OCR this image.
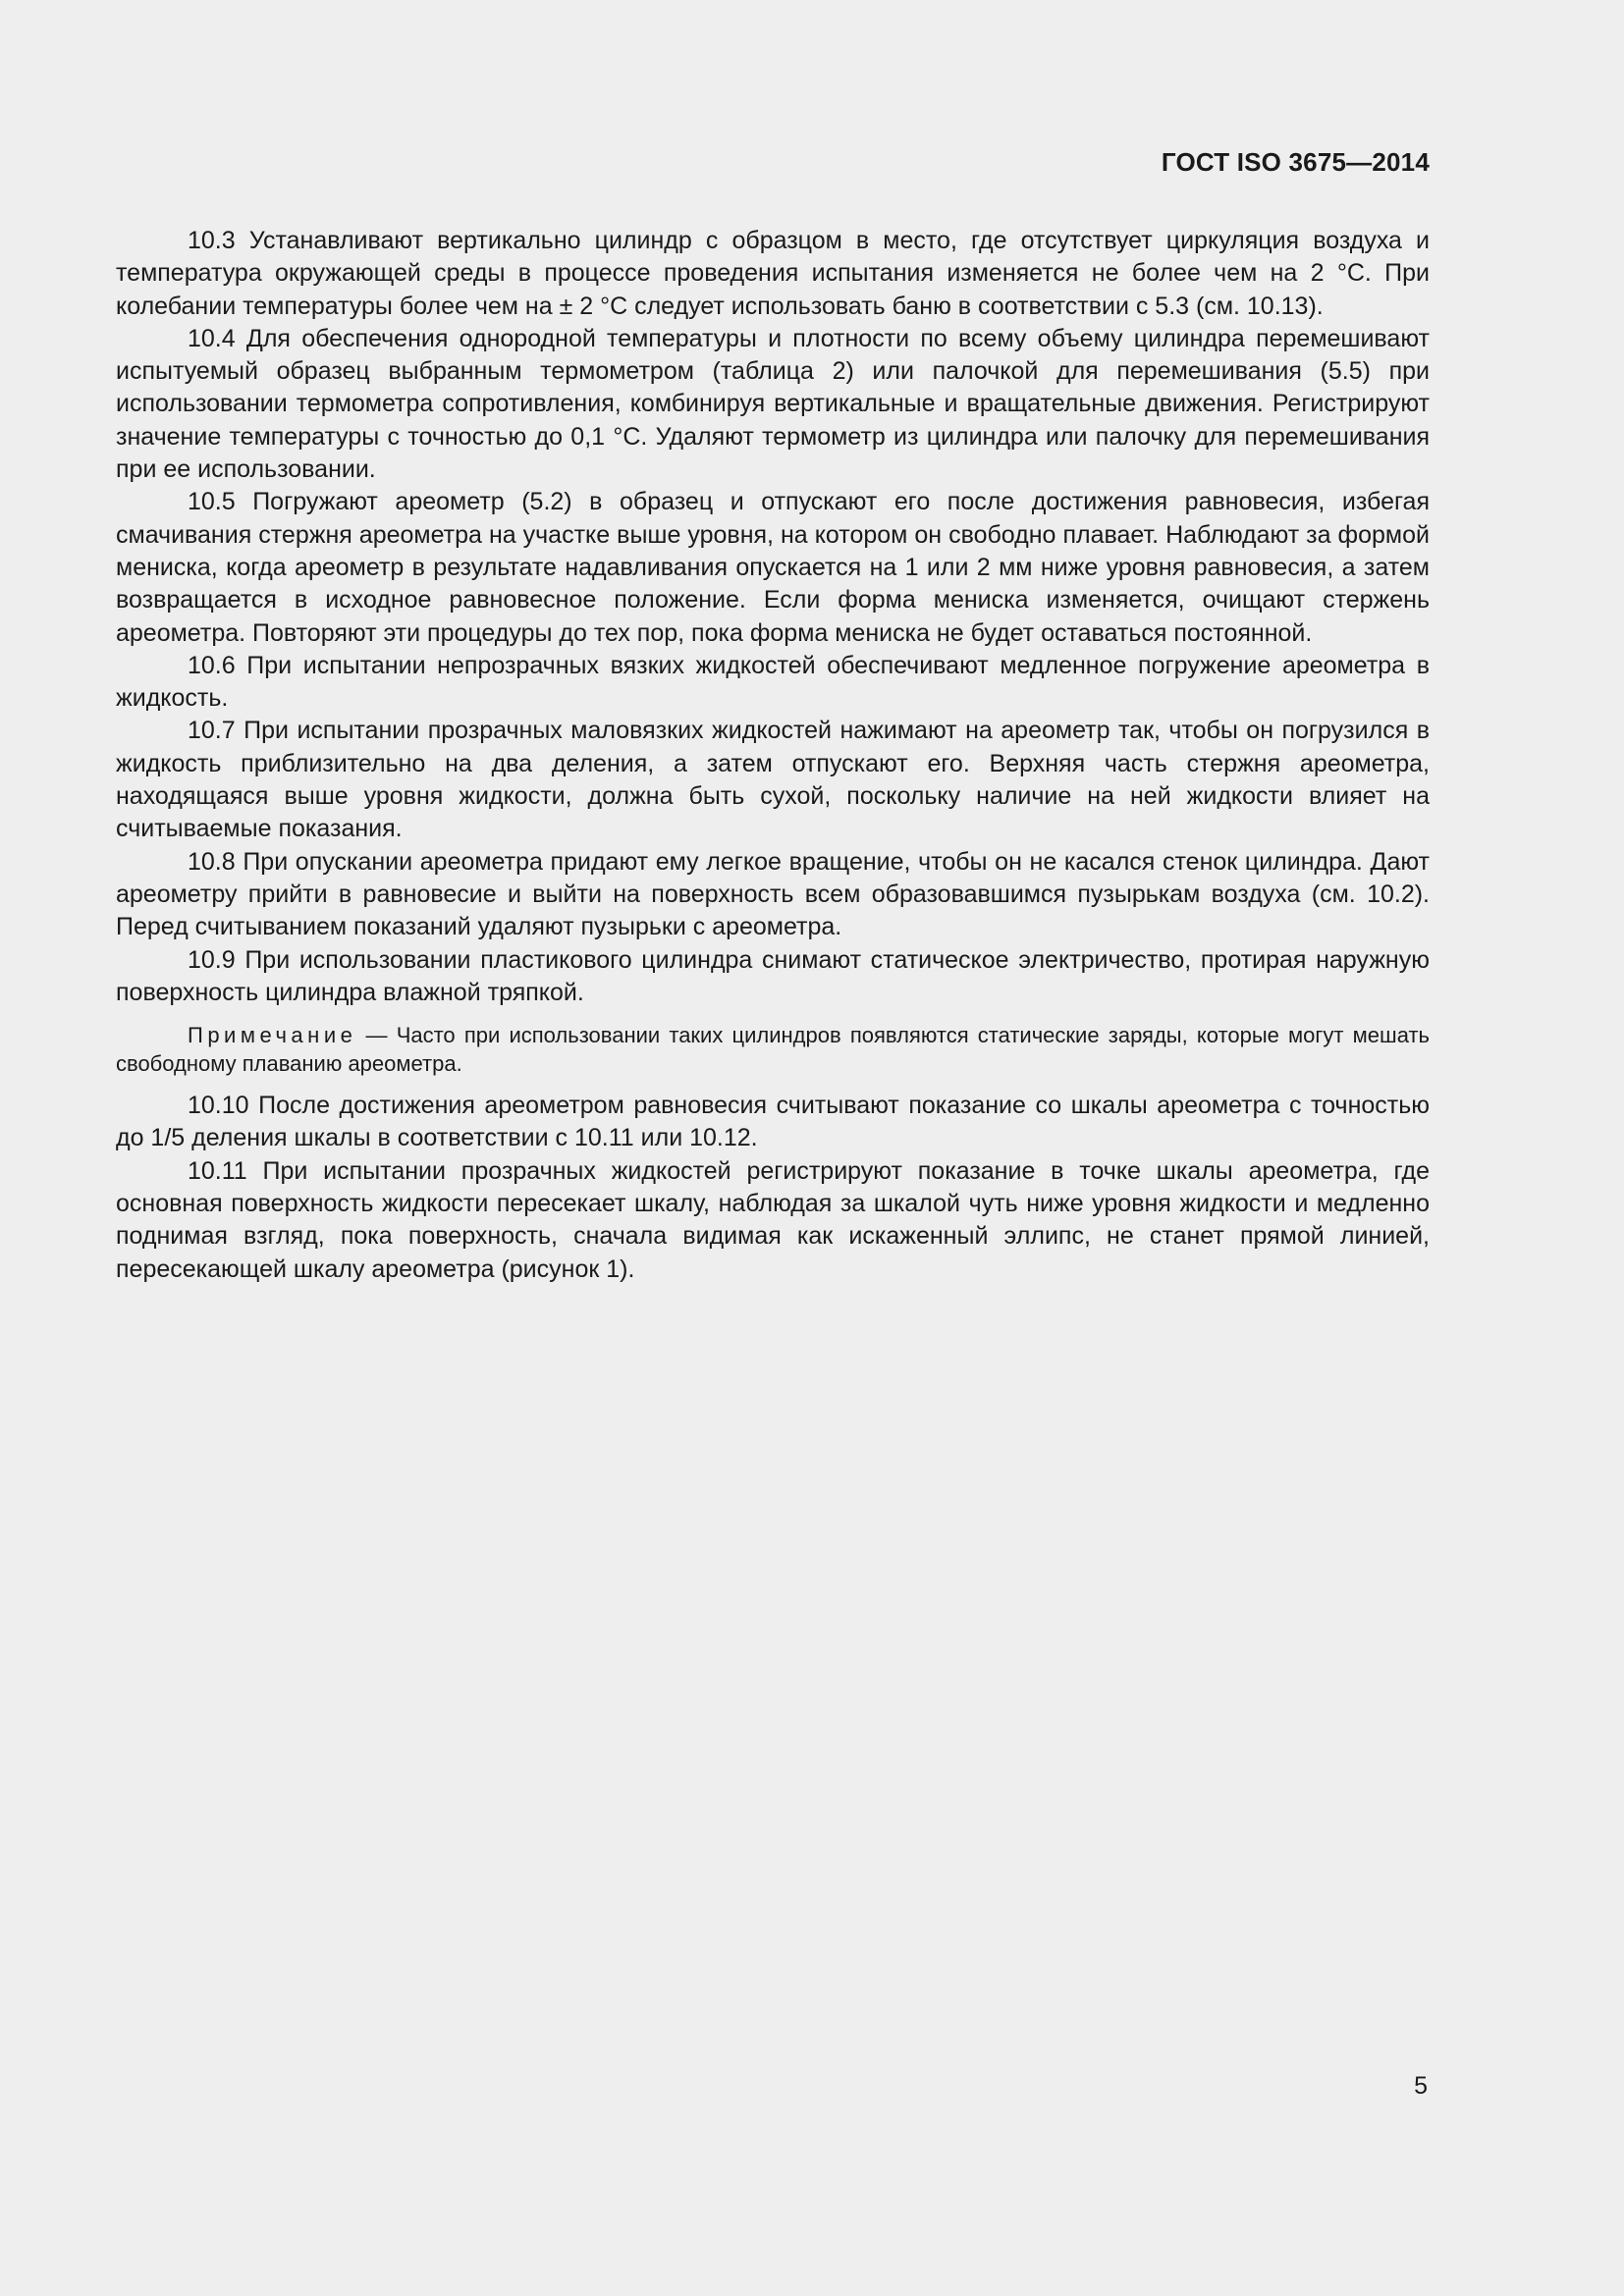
ГОСТ ISO 3675—2014

10.3 Устанавливают вертикально цилиндр с образцом в место, где отсутствует циркуляция воздуха и температура окружающей среды в процессе проведения испытания изменяется не более чем на 2 °С. При колебании температуры более чем на ± 2 °С следует использовать баню в соответствии с 5.3 (см. 10.13).

10.4 Для обеспечения однородной температуры и плотности по всему объему цилиндра перемешивают испытуемый образец выбранным термометром (таблица 2) или палочкой для перемешивания (5.5) при использовании термометра сопротивления, комбинируя вертикальные и вращательные движения. Регистрируют значение температуры с точностью до 0,1 °С. Удаляют термометр из цилиндра или палочку для перемешивания при ее использовании.

10.5 Погружают ареометр (5.2) в образец и отпускают его после достижения равновесия, избегая смачивания стержня ареометра на участке выше уровня, на котором он свободно плавает. Наблюдают за формой мениска, когда ареометр в результате надавливания опускается на 1 или 2 мм ниже уровня равновесия, а затем возвращается в исходное равновесное положение. Если форма мениска изменяется, очищают стержень ареометра. Повторяют эти процедуры до тех пор, пока форма мениска не будет оставаться постоянной.

10.6 При испытании непрозрачных вязких жидкостей обеспечивают медленное погружение ареометра в жидкость.

10.7 При испытании прозрачных маловязких жидкостей нажимают на ареометр так, чтобы он погрузился в жидкость приблизительно на два деления, а затем отпускают его. Верхняя часть стержня ареометра, находящаяся выше уровня жидкости, должна быть сухой, поскольку наличие на ней жидкости влияет на считываемые показания.

10.8 При опускании ареометра придают ему легкое вращение, чтобы он не касался стенок цилиндра. Дают ареометру прийти в равновесие и выйти на поверхность всем образовавшимся пузырькам воздуха (см. 10.2). Перед считыванием показаний удаляют пузырьки с ареометра.

10.9 При использовании пластикового цилиндра снимают статическое электричество, протирая наружную поверхность цилиндра влажной тряпкой.

Примечание — Часто при использовании таких цилиндров появляются статические заряды, которые могут мешать свободному плаванию ареометра.

10.10 После достижения ареометром равновесия считывают показание со шкалы ареометра с точностью до 1/5 деления шкалы в соответствии с 10.11 или 10.12.

10.11 При испытании прозрачных жидкостей регистрируют показание в точке шкалы ареометра, где основная поверхность жидкости пересекает шкалу, наблюдая за шкалой чуть ниже уровня жидкости и медленно поднимая взгляд, пока поверхность, сначала видимая как искаженный эллипс, не станет прямой линией, пересекающей шкалу ареометра (рисунок 1).

5
